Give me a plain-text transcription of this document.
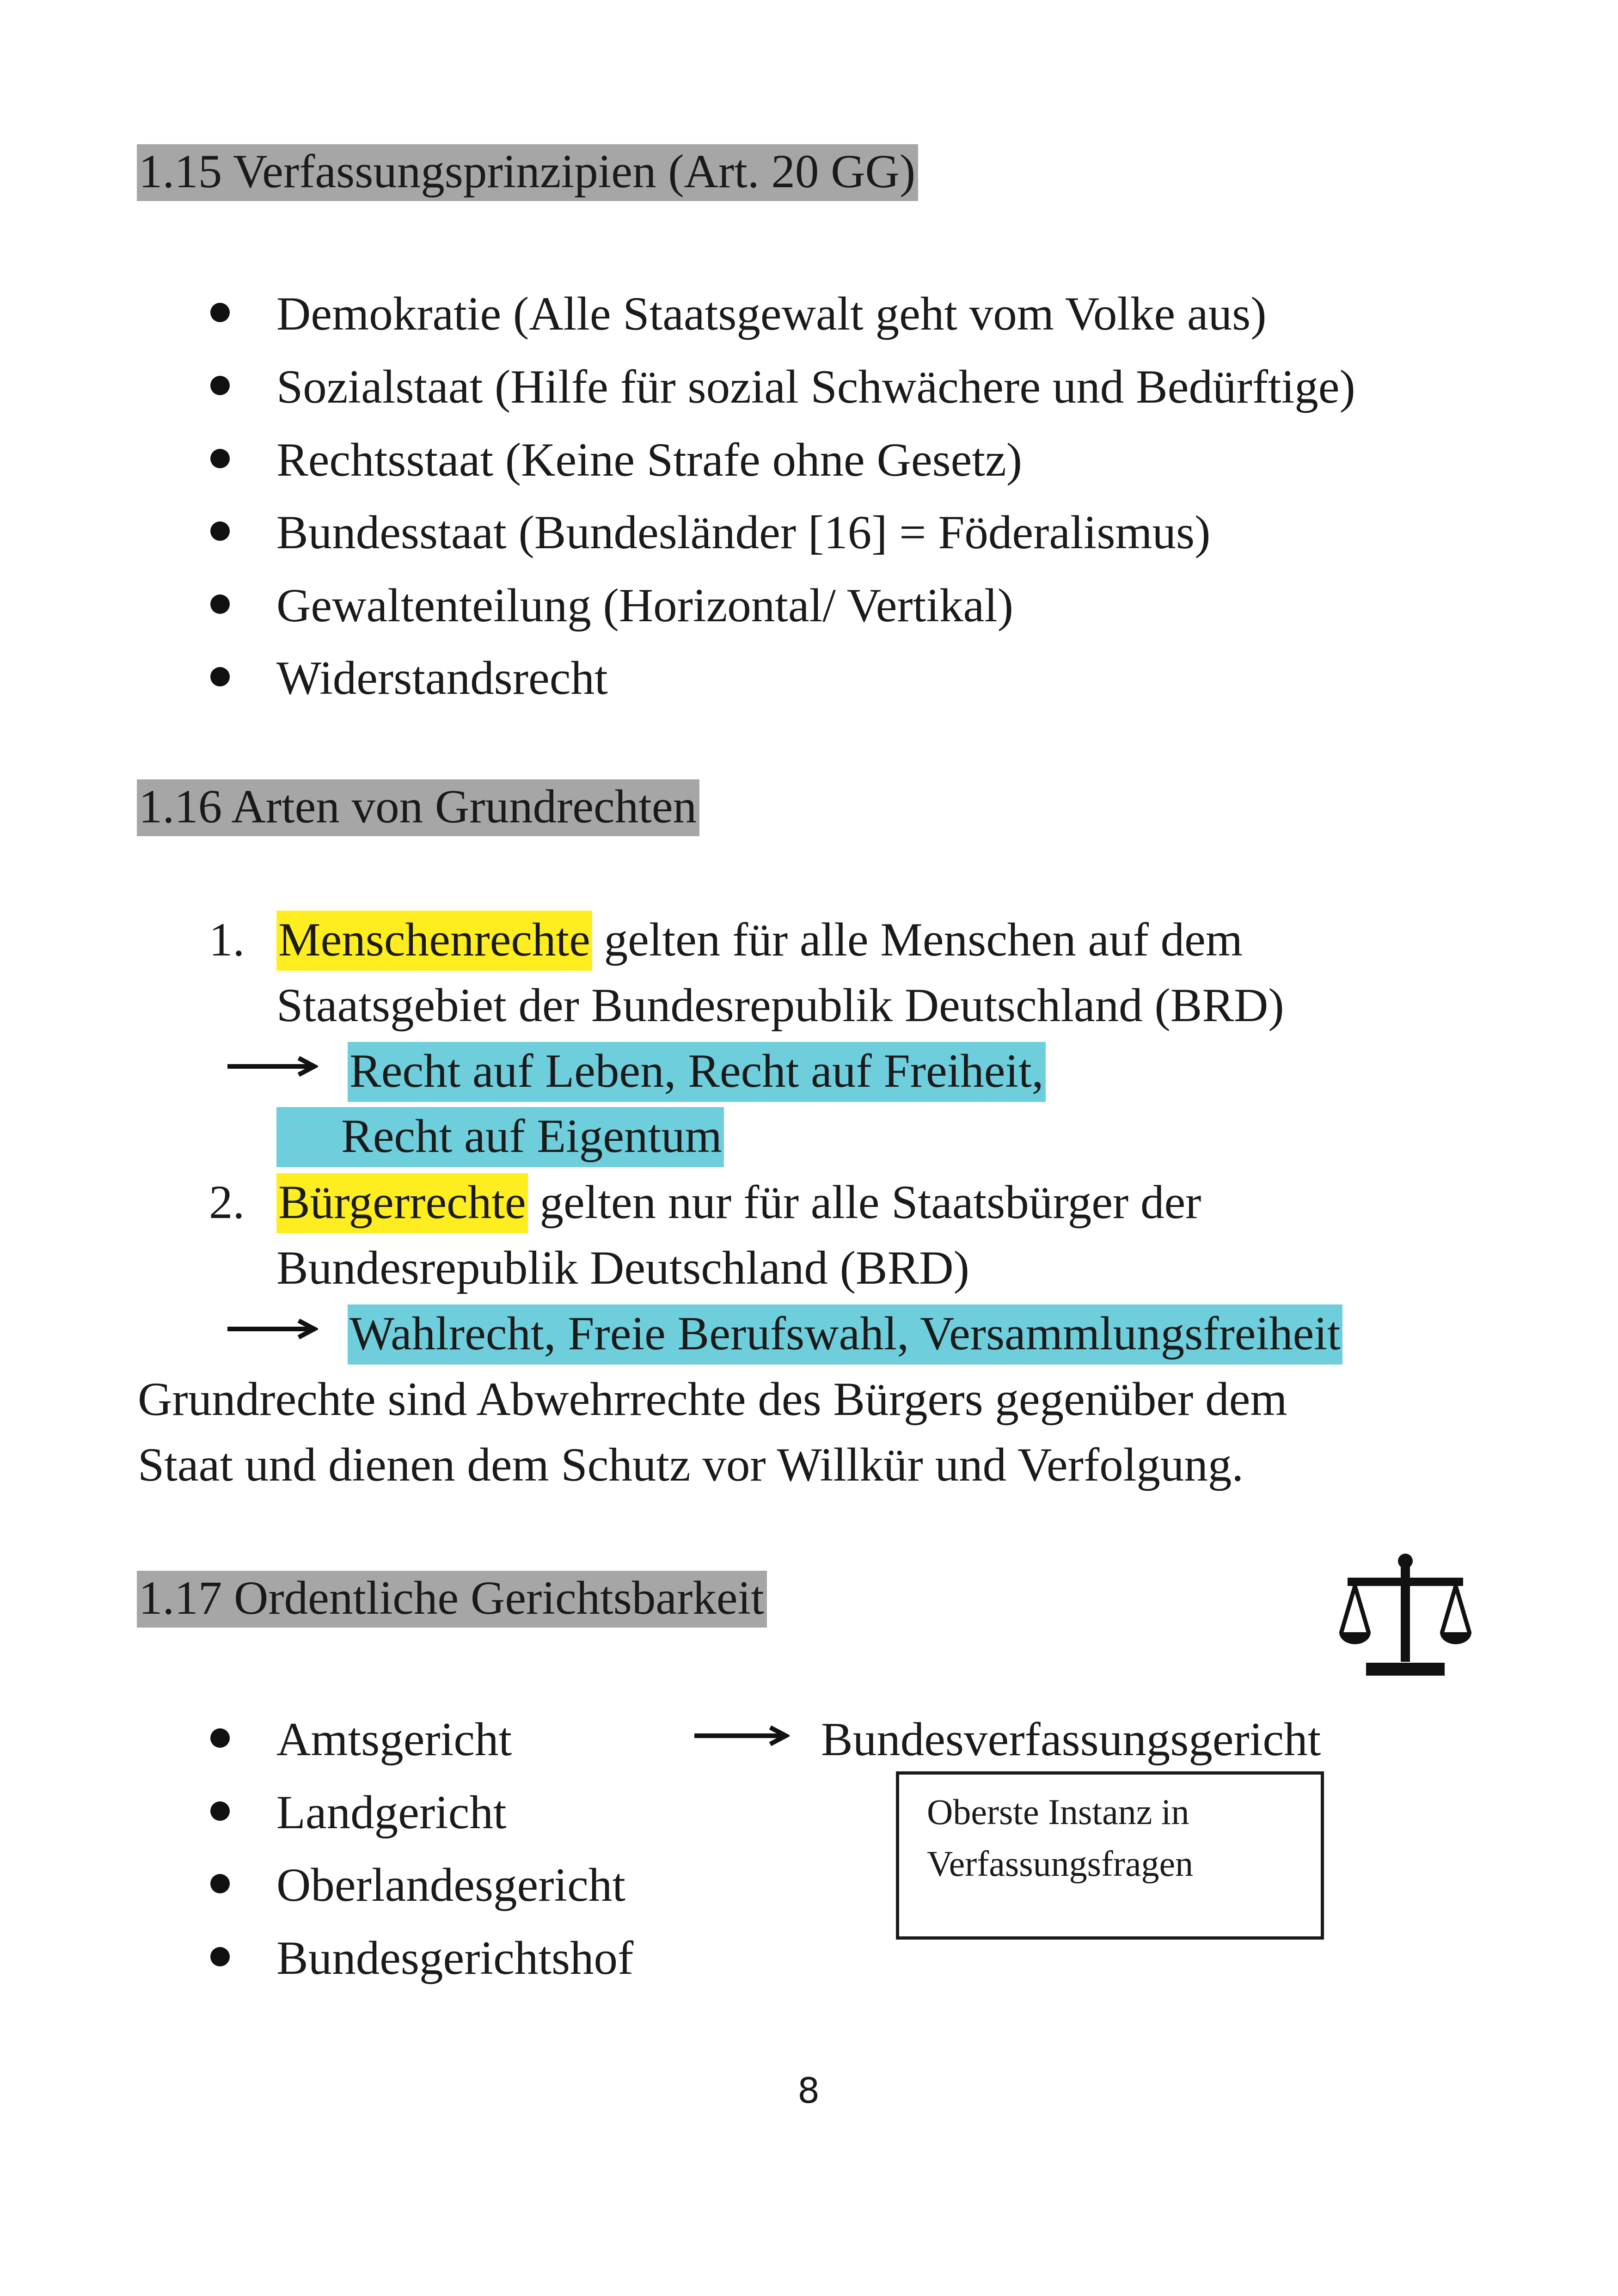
1.15 Verfassungsprinzipien (Art. 20 GG)
Demokratie (Alle Staatsgewalt geht vom Volke aus)
Sozialstaat (Hilfe für sozial Schwächere und Bedürftige)
Rechtsstaat (Keine Strafe ohne Gesetz)
Bundesstaat (Bundesländer [16] = Föderalismus)
Gewaltenteilung (Horizontal/ Vertikal)
Widerstandsrecht
1.16 Arten von Grundrechten
1. Menschenrechte gelten für alle Menschen auf dem
Staatsgebiet der Bundesrepublik Deutschland (BRD)
Recht auf Leben, Recht auf Freiheit,
Recht auf Eigentum
2. Bürgerrechte gelten nur für alle Staatsbürger der
Bundesrepublik Deutschland (BRD)
Wahlrecht, Freie Berufswahl, Versammlungsfreiheit
Grundrechte sind Abwehrrechte des Bürgers gegenüber dem
Staat und dienen dem Schutz vor Willkür und Verfolgung.
1.17 Ordentliche Gerichtsbarkeit
Amtsgericht
Landgericht
Oberlandesgericht
Bundesgerichtshof
Bundesverfassungsgericht
Oberste Instanz in
Verfassungsfragen
8
